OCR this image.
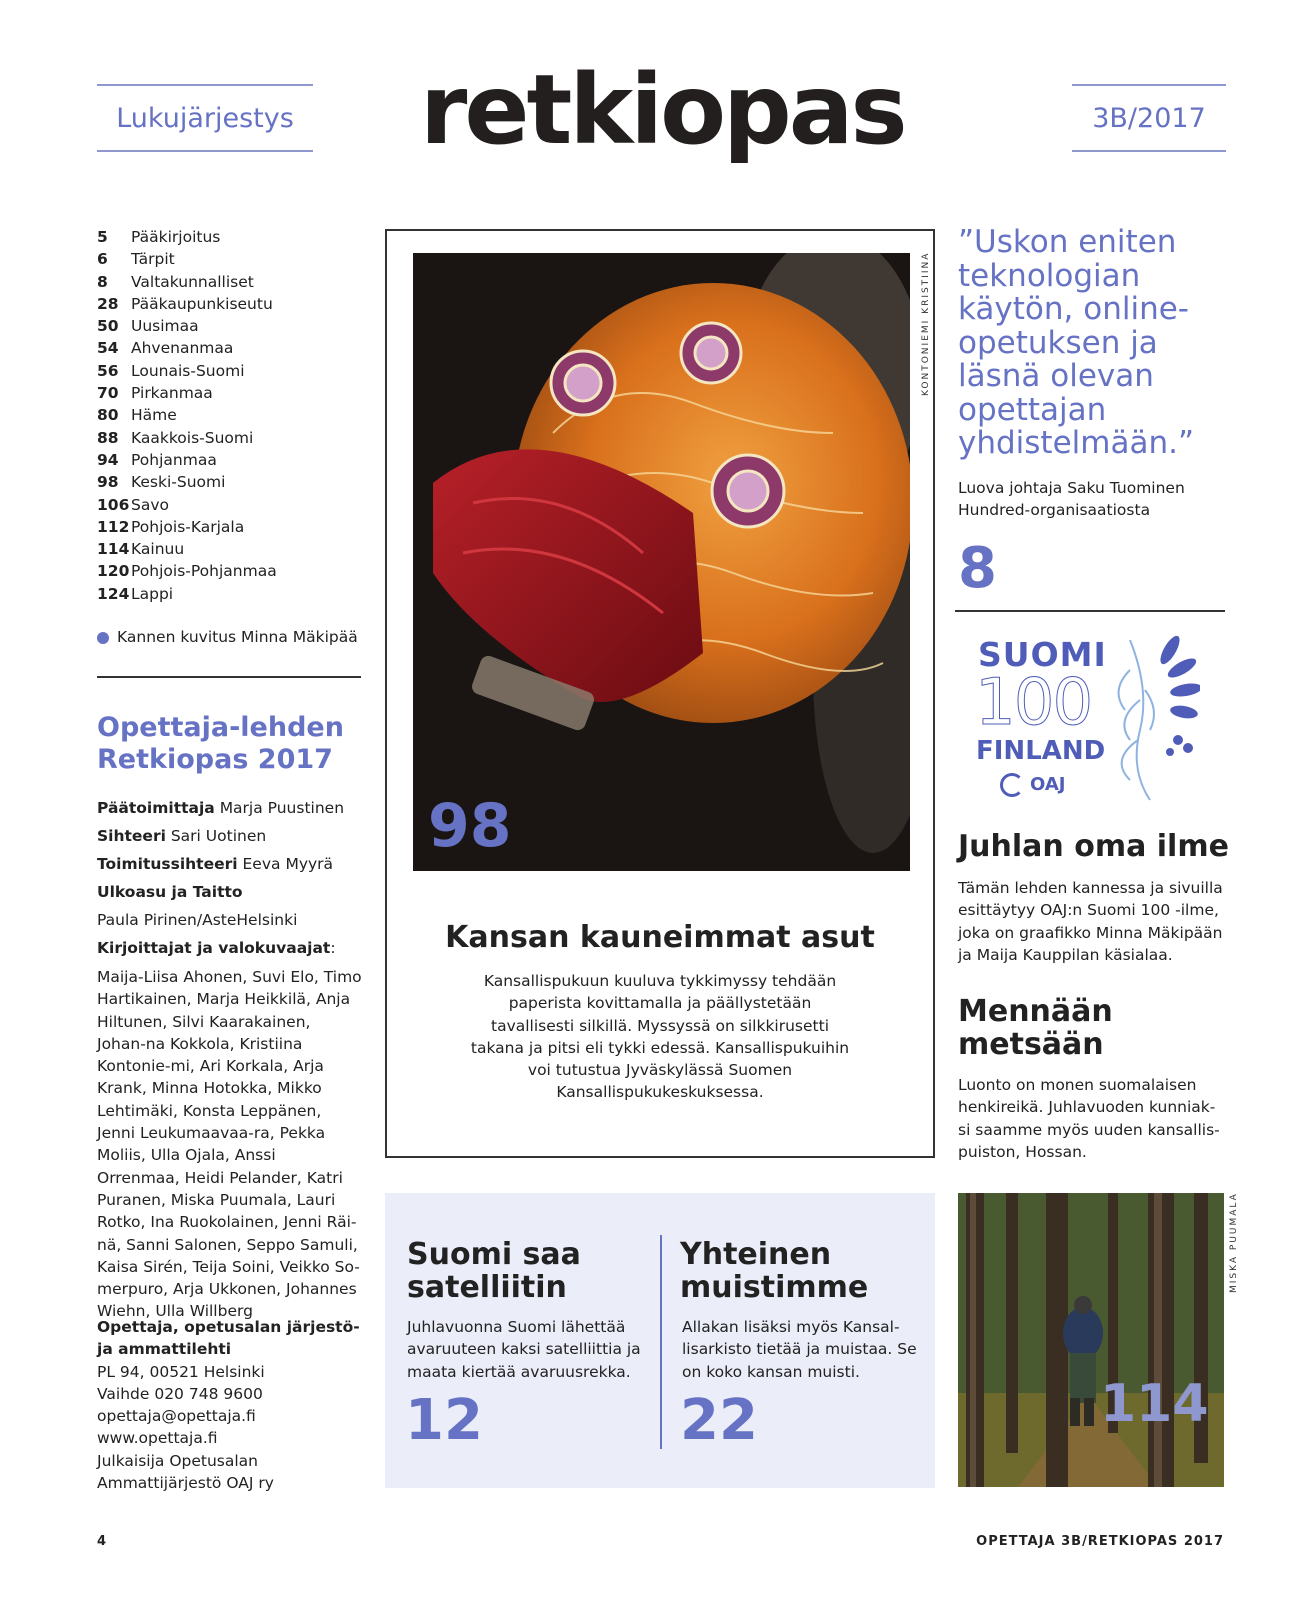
Lukujärjestys retkiopas	3B/2017
5 Pääkirjoitus
6 Tärpit
8 Valtakunnalliset
28 Pääkaupunkiseutu
50 Uusimaa
54 Ahvenanmaa
56 Lounais-Suomi
70 Pirkanmaa
80 Häme
88 Kaakkois-Suomi
94 Pohjanmaa
98 Keski-Suomi
106 Savo
112 Pohjois-Karjala
114 Kainuu
120 Pohjois-Pohjanmaa
124 Lappi
Kannen kuvitus Minna Mäkipää
Opettaja-lehden
Retkiopas 2017
Päätoimittaja Marja Puustinen
Sihteeri Sari Uotinen
Toimitussihteeri Eeva Myyrä
Ulkoasu ja Taitto
Paula Pirinen/AsteHelsinki
Kirjoittajat ja valokuvaajat:
Maija-Liisa Ahonen, Suvi Elo, Timo Hartikainen, Marja Heikkilä, Anja Hiltunen, Silvi Kaarakainen, Johan-na Kokkola, Kristiina Kontonie-mi, Ari Korkala, Arja Krank, Minna Hotokka, Mikko Lehtimäki, Konsta Leppänen, Jenni Leukumaavaa-ra, Pekka Moliis, Ulla Ojala, Anssi Orrenmaa, Heidi Pelander, Katri Puranen, Miska Puumala, Lauri Rotko, Ina Ruokolainen, Jenni Räi-nä, Sanni Salonen, Seppo Samuli, Kaisa Sirén, Teija Soini, Veikko So-merpuro, Arja Ukkonen, Johannes Wiehn, Ulla Willberg
Opettaja, opetusalan järjestö- ja ammattilehti
PL 94, 00521 Helsinki
Vaihde 020 748 9600
opettaja@opettaja.fi
www.opettaja.fi
Julkaisija Opetusalan
Ammattijärjestö OAJ ry
98
KONTONIEMI KRISTIINA
Kansan kauneimmat asut
Kansallispukuun kuuluva tykkimyssy tehdään paperista kovittamalla ja päällystetään tavallisesti silkillä. Myssyssä on silkkirusetti takana ja pitsi eli tykki edessä. Kansallispukuihin voi tutustua Jyväskylässä Suomen Kansallispukukeskuksessa.
”Uskon eniten teknologian käytön, online-opetuksen ja läsnä olevan opettajan yhdistelmään.”
Luova johtaja Saku Tuominen Hundred-organisaatiosta
8
SUOMI
100
FINLAND
OAJ
Juhlan oma ilme
Tämän lehden kannessa ja sivuilla esittäytyy OAJ:n Suomi 100 -ilme, joka on graafikko Minna Mäkipään ja Maija Kauppilan käsialaa.
Mennään
metsään
Luonto on monen suomalaisen henkireikä. Juhlavuoden kunniak-si saamme myös uuden kansallis-puiston, Hossan.
114
MISKA PUUMALA
Suomi saa
satelliitin
Juhlavuonna Suomi lähettää avaruuteen kaksi satelliittia ja maata kiertää avaruusrekka.
12
Yhteinen
muistimme
Allakan lisäksi myös Kansal-lisarkisto tietää ja muistaa. Se on koko kansan muisti.
22
4	OPETTAJA 3B/RETKIOPAS 2017
